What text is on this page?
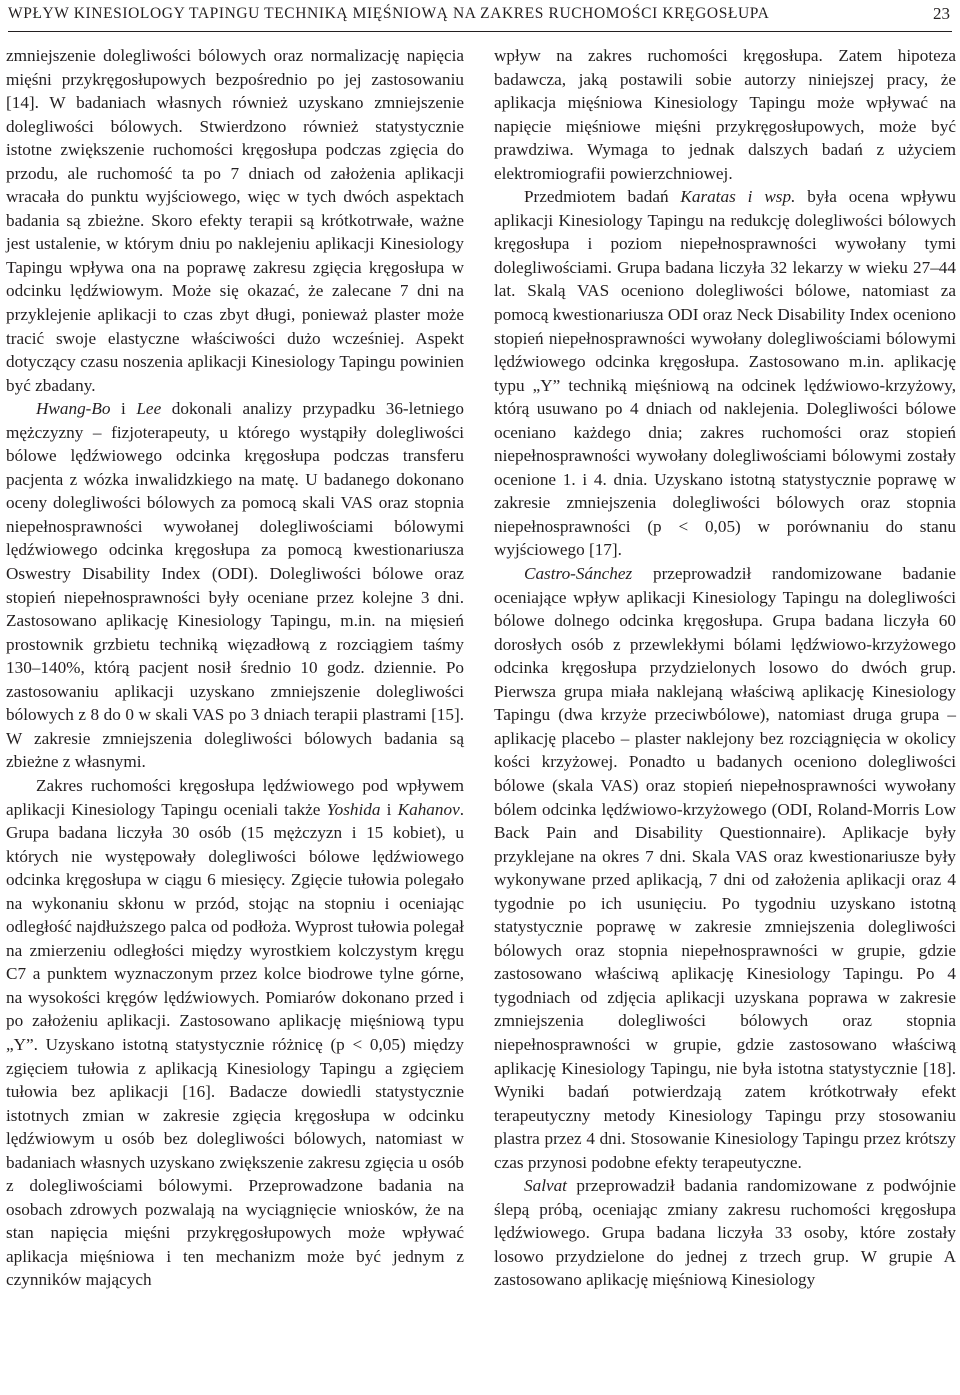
WPŁYW KINESIOLOGY TAPINGU TECHNIKĄ MIĘŚNIOWĄ NA ZAKRES RUCHOMOŚCI KRĘGOSŁUPA	23

zmniejszenie dolegliwości bólowych oraz normalizację napięcia mięśni przykręgosłupowych bezpośrednio po jej zastosowaniu [14]. W badaniach własnych również uzyskano zmniejszenie dolegliwości bólowych. Stwierdzono również statystycznie istotne zwiększenie ruchomości kręgosłupa podczas zgięcia do przodu, ale ruchomość ta po 7 dniach od założenia aplikacji wracała do punktu wyjściowego, więc w tych dwóch aspektach badania są zbieżne. Skoro efekty terapii są krótkotrwałe, ważne jest ustalenie, w którym dniu po naklejeniu aplikacji Kinesiology Tapingu wpływa ona na poprawę zakresu zgięcia kręgosłupa w odcinku lędźwiowym. Może się okazać, że zalecane 7 dni na przyklejenie aplikacji to czas zbyt długi, ponieważ plaster może tracić swoje elastyczne właściwości dużo wcześniej. Aspekt dotyczący czasu noszenia aplikacji Kinesiology Tapingu powinien być zbadany.

Hwang-Bo i Lee dokonali analizy przypadku 36-letniego mężczyzny – fizjoterapeuty, u którego wystąpiły dolegliwości bólowe lędźwiowego odcinka kręgosłupa podczas transferu pacjenta z wózka inwalidzkiego na matę. U badanego dokonano oceny dolegliwości bólowych za pomocą skali VAS oraz stopnia niepełnosprawności wywołanej dolegliwościami bólowymi lędźwiowego odcinka kręgosłupa za pomocą kwestionariusza Oswestry Disability Index (ODI). Dolegliwości bólowe oraz stopień niepełnosprawności były oceniane przez kolejne 3 dni. Zastosowano aplikację Kinesiology Tapingu, m.in. na mięsień prostownik grzbietu techniką więzadłową z rozciągiem taśmy 130–140%, którą pacjent nosił średnio 10 godz. dziennie. Po zastosowaniu aplikacji uzyskano zmniejszenie dolegliwości bólowych z 8 do 0 w skali VAS po 3 dniach terapii plastrami [15]. W zakresie zmniejszenia dolegliwości bólowych badania są zbieżne z własnymi.

Zakres ruchomości kręgosłupa lędźwiowego pod wpływem aplikacji Kinesiology Tapingu oceniali także Yoshida i Kahanov. Grupa badana liczyła 30 osób (15 mężczyzn i 15 kobiet), u których nie występowały dolegliwości bólowe lędźwiowego odcinka kręgosłupa w ciągu 6 miesięcy. Zgięcie tułowia polegało na wykonaniu skłonu w przód, stojąc na stopniu i oceniając odległość najdłuższego palca od podłoża. Wyprost tułowia polegał na zmierzeniu odległości między wyrostkiem kolczystym kręgu C7 a punktem wyznaczonym przez kolce biodrowe tylne górne, na wysokości kręgów lędźwiowych. Pomiarów dokonano przed i po założeniu aplikacji. Zastosowano aplikację mięśniową typu „Y”. Uzyskano istotną statystycznie różnicę (p < 0,05) między zgięciem tułowia z aplikacją Kinesiology Tapingu a zgięciem tułowia bez aplikacji [16]. Badacze dowiedli statystycznie istotnych zmian w zakresie zgięcia kręgosłupa w odcinku lędźwiowym u osób bez dolegliwości bólowych, natomiast w badaniach własnych uzyskano zwiększenie zakresu zgięcia u osób z dolegliwościami bólowymi. Przeprowadzone badania na osobach zdrowych pozwalają na wyciągnięcie wniosków, że na stan napięcia mięśni przykręgosłupowych może wpływać aplikacja mięśniowa i ten mechanizm może być jednym z czynników mających

wpływ na zakres ruchomości kręgosłupa. Zatem hipoteza badawcza, jaką postawili sobie autorzy niniejszej pracy, że aplikacja mięśniowa Kinesiology Tapingu może wpływać na napięcie mięśniowe mięśni przykręgosłupowych, może być prawdziwa. Wymaga to jednak dalszych badań z użyciem elektromiografii powierzchniowej.

Przedmiotem badań Karatas i wsp. była ocena wpływu aplikacji Kinesiology Tapingu na redukcję dolegliwości bólowych kręgosłupa i poziom niepełnosprawności wywołany tymi dolegliwościami. Grupa badana liczyła 32 lekarzy w wieku 27–44 lat. Skalą VAS oceniono dolegliwości bólowe, natomiast za pomocą kwestionariusza ODI oraz Neck Disability Index oceniono stopień niepełnosprawności wywołany dolegliwościami bólowymi lędźwiowego odcinka kręgosłupa. Zastosowano m.in. aplikację typu „Y” techniką mięśniową na odcinek lędźwiowo-krzyżowy, którą usuwano po 4 dniach od naklejenia. Dolegliwości bólowe oceniano każdego dnia; zakres ruchomości oraz stopień niepełnosprawności wywołany dolegliwościami bólowymi zostały ocenione 1. i 4. dnia. Uzyskano istotną statystycznie poprawę w zakresie zmniejszenia dolegliwości bólowych oraz stopnia niepełnosprawności (p < 0,05) w porównaniu do stanu wyjściowego [17].

Castro-Sánchez przeprowadził randomizowane badanie oceniające wpływ aplikacji Kinesiology Tapingu na dolegliwości bólowe dolnego odcinka kręgosłupa. Grupa badana liczyła 60 dorosłych osób z przewlekłymi bólami lędźwiowo-krzyżowego odcinka kręgosłupa przydzielonych losowo do dwóch grup. Pierwsza grupa miała naklejaną właściwą aplikację Kinesiology Tapingu (dwa krzyże przeciwbólowe), natomiast druga grupa – aplikację placebo – plaster naklejony bez rozciągnięcia w okolicy kości krzyżowej. Ponadto u badanych oceniono dolegliwości bólowe (skala VAS) oraz stopień niepełnosprawności wywołany bólem odcinka lędźwiowo-krzyżowego (ODI, Roland-Morris Low Back Pain and Disability Questionnaire). Aplikacje były przyklejane na okres 7 dni. Skala VAS oraz kwestionariusze były wykonywane przed aplikacją, 7 dni od założenia aplikacji oraz 4 tygodnie po ich usunięciu. Po tygodniu uzyskano istotną statystycznie poprawę w zakresie zmniejszenia dolegliwości bólowych oraz stopnia niepełnosprawności w grupie, gdzie zastosowano właściwą aplikację Kinesiology Tapingu. Po 4 tygodniach od zdjęcia aplikacji uzyskana poprawa w zakresie zmniejszenia dolegliwości bólowych oraz stopnia niepełnosprawności w grupie, gdzie zastosowano właściwą aplikację Kinesiology Tapingu, nie była istotna statystycznie [18]. Wyniki badań potwierdzają zatem krótkotrwały efekt terapeutyczny metody Kinesiology Tapingu przy stosowaniu plastra przez 4 dni. Stosowanie Kinesiology Tapingu przez krótszy czas przynosi podobne efekty terapeutyczne.

Salvat przeprowadził badania randomizowane z podwójnie ślepą próbą, oceniając zmiany zakresu ruchomości kręgosłupa lędźwiowego. Grupa badana liczyła 33 osoby, które zostały losowo przydzielone do jednej z trzech grup. W grupie A zastosowano aplikację mięśniową Kinesiology
